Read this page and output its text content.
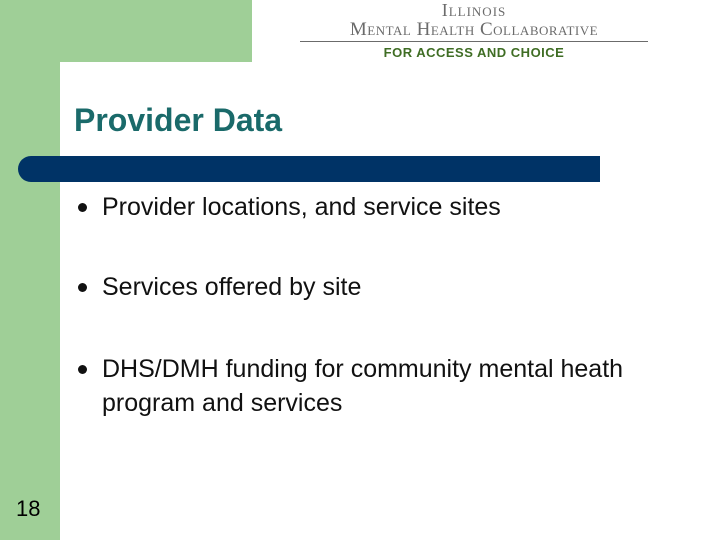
Illinois
Mental Health Collaborative
FOR ACCESS AND CHOICE
Provider Data
Provider locations, and service sites
Services offered by site
DHS/DMH funding for community mental heath program and services
18
